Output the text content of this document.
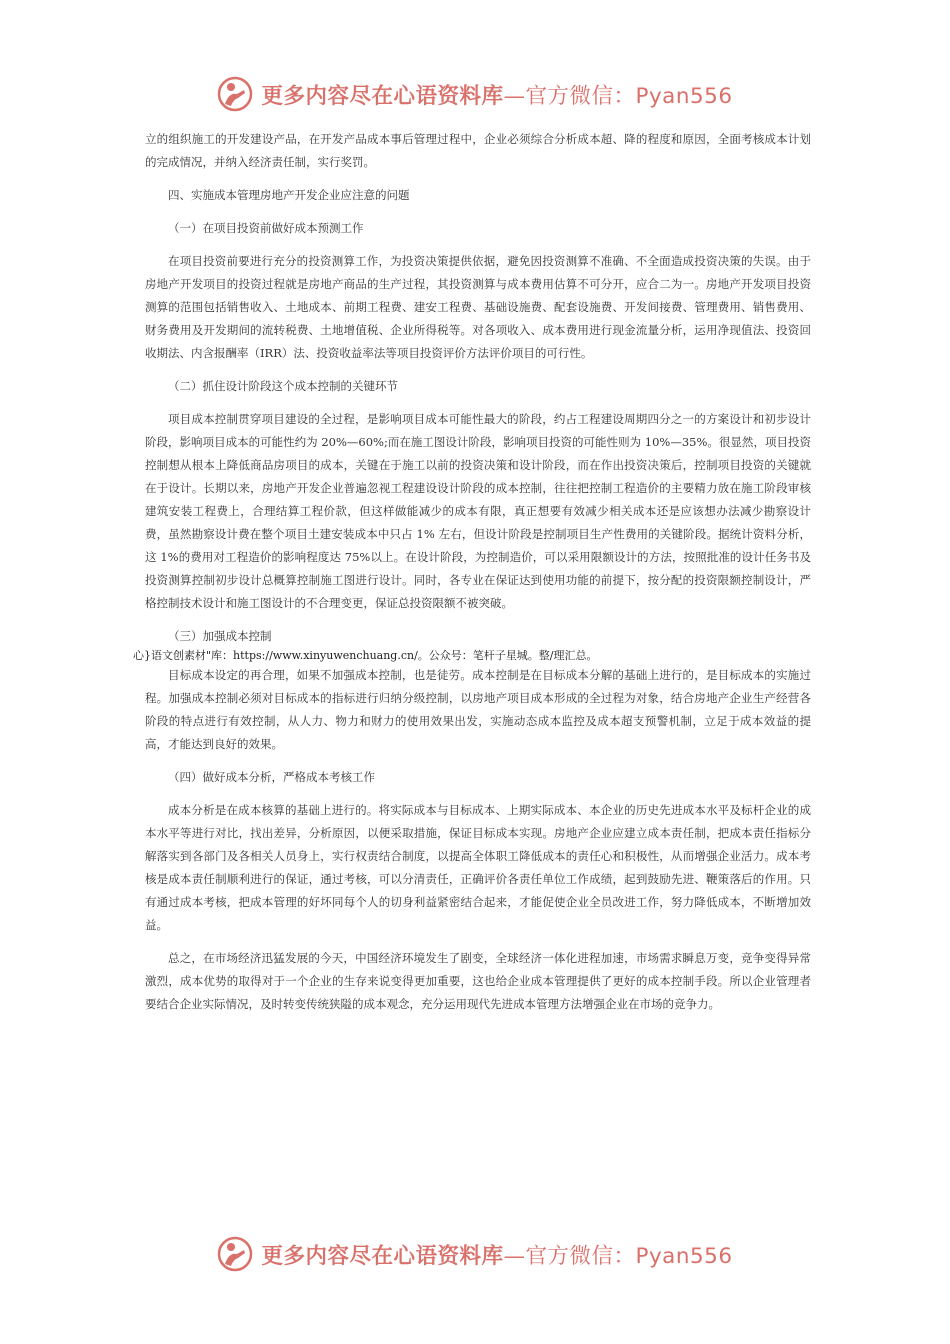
更多内容尽在心语资料库—官方微信：Pyan556

立的组织施工的开发建设产品，在开发产品成本事后管理过程中，企业必须综合分析成本超、降的程度和原因，全面考核成本计划的完成情况，并纳入经济责任制，实行奖罚。

四、实施成本管理房地产开发企业应注意的问题

（一）在项目投资前做好成本预测工作

在项目投资前要进行充分的投资测算工作，为投资决策提供依据，避免因投资测算不准确、不全面造成投资决策的失误。由于房地产开发项目的投资过程就是房地产商品的生产过程，其投资测算与成本费用估算不可分开，应合二为一。房地产开发项目投资测算的范围包括销售收入、土地成本、前期工程费、建安工程费、基础设施费、配套设施费、开发间接费、管理费用、销售费用、财务费用及开发期间的流转税费、土地增值税、企业所得税等。对各项收入、成本费用进行现金流量分析，运用净现值法、投资回收期法、内含报酬率（IRR）法、投资收益率法等项目投资评价方法评价项目的可行性。

（二）抓住设计阶段这个成本控制的关键环节

项目成本控制贯穿项目建设的全过程，是影响项目成本可能性最大的阶段，约占工程建设周期四分之一的方案设计和初步设计阶段，影响项目成本的可能性约为 20%—60%;而在施工图设计阶段，影响项目投资的可能性则为 10%—35%。很显然，项目投资控制想从根本上降低商品房项目的成本，关键在于施工以前的投资决策和设计阶段，而在作出投资决策后，控制项目投资的关键就在于设计。长期以来，房地产开发企业普遍忽视工程建设设计阶段的成本控制，往往把控制工程造价的主要精力放在施工阶段审核建筑安装工程费上，合理结算工程价款，但这样做能减少的成本有限，真正想要有效减少相关成本还是应该想办法减少勘察设计费，虽然勘察设计费在整个项目土建安装成本中只占 1% 左右，但设计阶段是控制项目生产性费用的关键阶段。据统计资料分析，这 1%的费用对工程造价的影响程度达 75%以上。在设计阶段，为控制造价，可以采用限额设计的方法，按照批准的设计任务书及投资测算控制初步设计总概算控制施工图进行设计。同时，各专业在保证达到使用功能的前提下，按分配的投资限额控制设计，严格控制技术设计和施工图设计的不合理变更，保证总投资限额不被突破。

（三）加强成本控制

心}语文创素材"库：https://www.xinyuwenchuang.cn/。公众号：笔杆子星城。整/理汇总。

目标成本设定的再合理，如果不加强成本控制，也是徒劳。成本控制是在目标成本分解的基础上进行的，是目标成本的实施过程。加强成本控制必须对目标成本的指标进行归纳分级控制，以房地产项目成本形成的全过程为对象，结合房地产企业生产经营各阶段的特点进行有效控制，从人力、物力和财力的使用效果出发，实施动态成本监控及成本超支预警机制，立足于成本效益的提高，才能达到良好的效果。

（四）做好成本分析，严格成本考核工作

成本分析是在成本核算的基础上进行的。将实际成本与目标成本、上期实际成本、本企业的历史先进成本水平及标杆企业的成本水平等进行对比，找出差异，分析原因，以便采取措施，保证目标成本实现。房地产企业应建立成本责任制，把成本责任指标分解落实到各部门及各相关人员身上，实行权责结合制度，以提高全体职工降低成本的责任心和积极性，从而增强企业活力。成本考核是成本责任制顺利进行的保证，通过考核，可以分清责任，正确评价各责任单位工作成绩，起到鼓励先进、鞭策落后的作用。只有通过成本考核，把成本管理的好坏同每个人的切身利益紧密结合起来，才能促使企业全员改进工作，努力降低成本，不断增加效益。

总之，在市场经济迅猛发展的今天，中国经济环境发生了剧变，全球经济一体化进程加速，市场需求瞬息万变，竞争变得异常激烈，成本优势的取得对于一个企业的生存来说变得更加重要，这也给企业成本管理提供了更好的成本控制手段。所以企业管理者要结合企业实际情况，及时转变传统狭隘的成本观念，充分运用现代先进成本管理方法增强企业在市场的竞争力。

更多内容尽在心语资料库—官方微信：Pyan556
